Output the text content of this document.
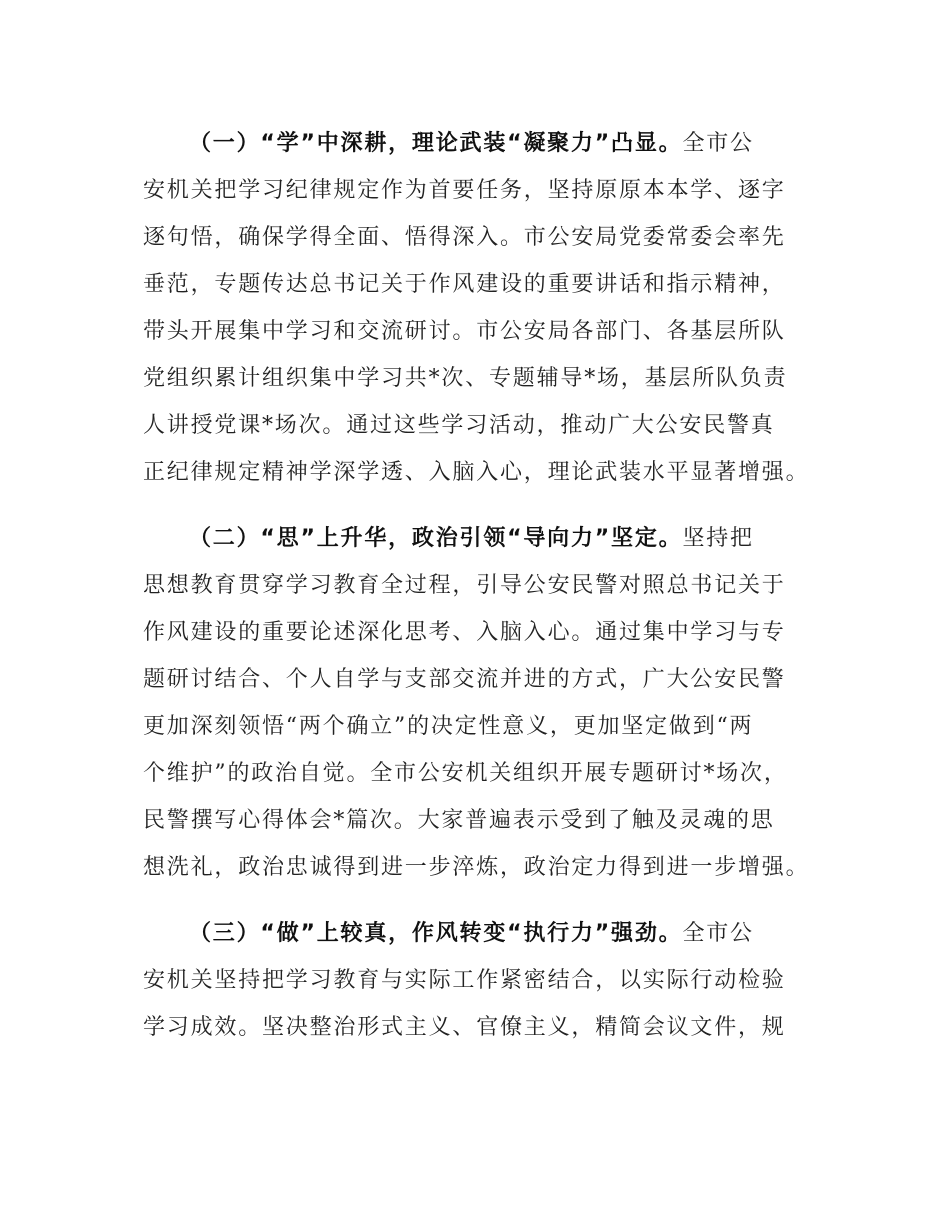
（一）“学”中深耕，理论武装“凝聚力”凸显。全市公
安机关把学习纪律规定作为首要任务，坚持原原本本学、逐字
逐句悟，确保学得全面、悟得深入。市公安局党委常委会率先
垂范，专题传达总书记关于作风建设的重要讲话和指示精神，
带头开展集中学习和交流研讨。市公安局各部门、各基层所队
党组织累计组织集中学习共*次、专题辅导*场，基层所队负责
人讲授党课*场次。通过这些学习活动，推动广大公安民警真
正纪律规定精神学深学透、入脑入心，理论武装水平显著增强。
（二）“思”上升华，政治引领“导向力”坚定。坚持把
思想教育贯穿学习教育全过程，引导公安民警对照总书记关于
作风建设的重要论述深化思考、入脑入心。通过集中学习与专
题研讨结合、个人自学与支部交流并进的方式，广大公安民警
更加深刻领悟“两个确立”的决定性意义，更加坚定做到“两
个维护”的政治自觉。全市公安机关组织开展专题研讨*场次，
民警撰写心得体会*篇次。大家普遍表示受到了触及灵魂的思
想洗礼，政治忠诚得到进一步淬炼，政治定力得到进一步增强。
（三）“做”上较真，作风转变“执行力”强劲。全市公
安机关坚持把学习教育与实际工作紧密结合，以实际行动检验
学习成效。坚决整治形式主义、官僚主义，精简会议文件，规
